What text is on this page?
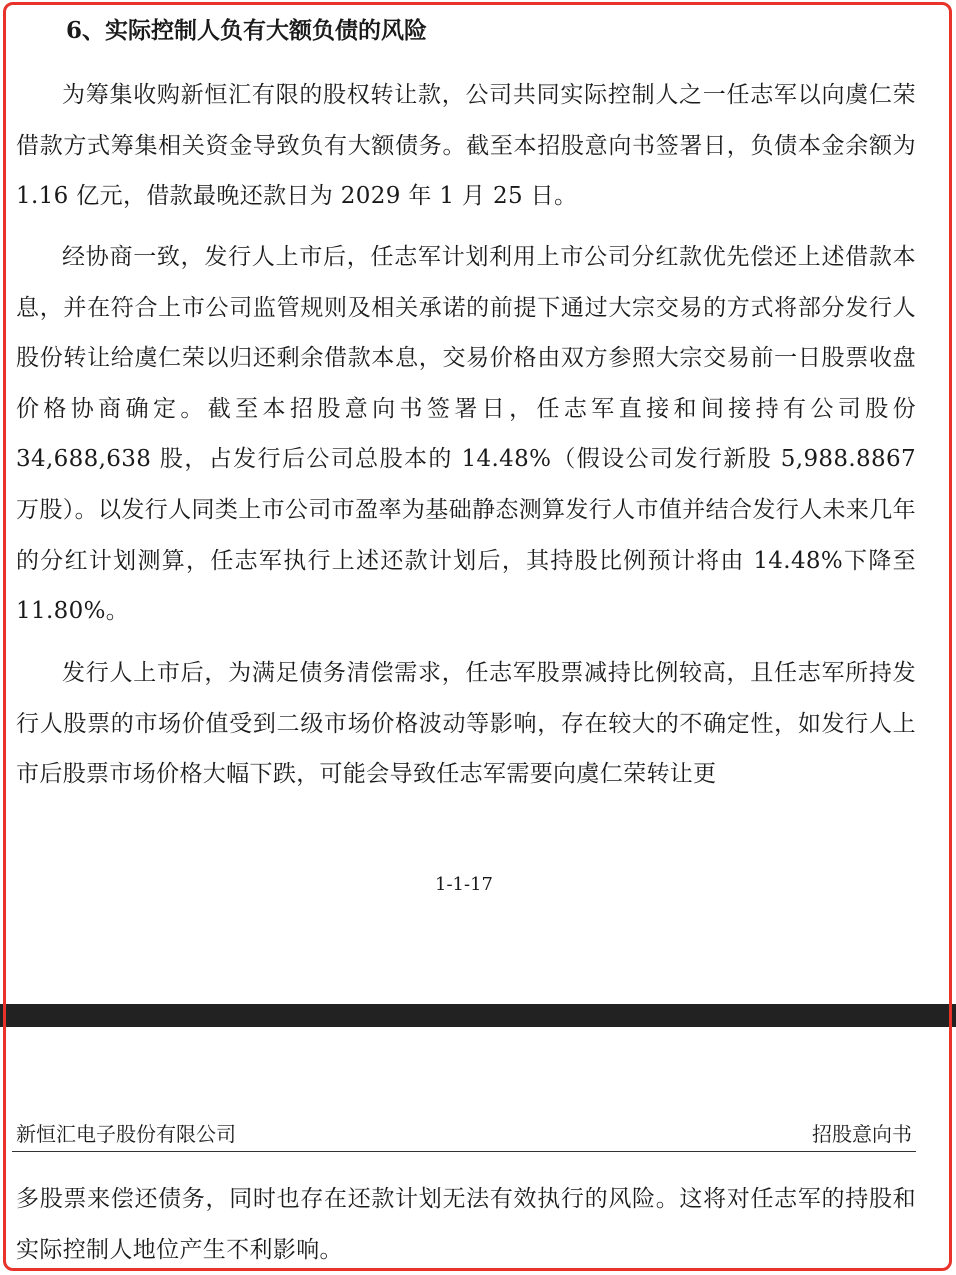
6、实际控制人负有大额负债的风险

为筹集收购新恒汇有限的股权转让款，公司共同实际控制人之一任志军以向虞仁荣借款方式筹集相关资金导致负有大额债务。截至本招股意向书签署日，负债本金余额为 1.16 亿元，借款最晚还款日为 2029 年 1 月 25 日。

经协商一致，发行人上市后，任志军计划利用上市公司分红款优先偿还上述借款本息，并在符合上市公司监管规则及相关承诺的前提下通过大宗交易的方式将部分发行人股份转让给虞仁荣以归还剩余借款本息，交易价格由双方参照大宗交易前一日股票收盘价格协商确定。截至本招股意向书签署日，任志军直接和间接持有公司股份 34,688,638 股，占发行后公司总股本的 14.48%（假设公司发行新股 5,988.8867 万股）。以发行人同类上市公司市盈率为基础静态测算发行人市值并结合发行人未来几年的分红计划测算，任志军执行上述还款计划后，其持股比例预计将由 14.48%下降至 11.80%。

发行人上市后，为满足债务清偿需求，任志军股票减持比例较高，且任志军所持发行人股票的市场价值受到二级市场价格波动等影响，存在较大的不确定性，如发行人上市后股票市场价格大幅下跌，可能会导致任志军需要向虞仁荣转让更

1-1-17
新恒汇电子股份有限公司	招股意向书

多股票来偿还债务，同时也存在还款计划无法有效执行的风险。这将对任志军的持股和实际控制人地位产生不利影响。
